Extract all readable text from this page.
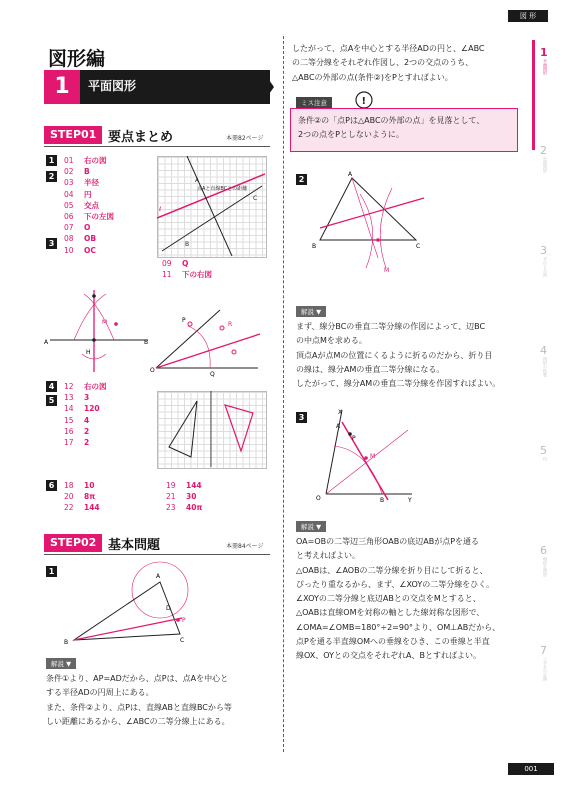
図 形
001
1
平面図形
2
空間図形
3
平行と合同
4
図形の性質
5
円
6
相似な図形
7
三平方の定理
図形編
1	平面図形
STEP01 要点まとめ	本冊82ページ
1
2
3
4
5
6
01 右の図
02 B
03 半径
04 円
05 交点
06 下の左図
07 O
08 OB
10 OC
点Aと直線BCとの距離
A
C
B
ℓ
09 Q
11 下の右図
A	B
M
H
O
Q
P
R
12 右の図
13 3
14 120
15 4
16 2
17 2
18 10
20 8π
22 144
19 144
21 30
23 40π
STEP02 基本問題	本冊84ページ
1
B
A
C
P
D
解説 ▼
条件①より、AP=ADだから、点Pは、点Aを中心と
する半径ADの円周上にある。
また、条件②より、点Pは、直線ABと直線BCから等
しい距離にあるから、∠ABCの二等分線上にある。
したがって、点Aを中心とする半径ADの円と、∠ABC
の二等分線をそれぞれ作図し、2つの交点のうち、
△ABCの外部の点(条件②)をPとすればよい。
ミス注意	!
条件②の「点Pは△ABCの外部の点」を見落として、
2つの点をPとしないように。
2
A
B	C
M
解説 ▼
まず、線分BCの垂直二等分線の作図によって、辺BC
の中点Mを求める。
頂点Aが点Mの位置にくるように折るのだから、折り目
の線は、線分AMの垂直二等分線になる。
したがって、線分AMの垂直二等分線を作図すればよい。
3
X
O	Y
P
M
B
A
解説 ▼
OA=OBの二等辺三角形OABの底辺ABが点Pを通る
と考えればよい。
△OABは、∠AOBの二等分線を折り目にして折ると、
ぴったり重なるから、まず、∠XOYの二等分線をひく。
∠XOYの二等分線と底辺ABとの交点をMとすると、
△OABは直線OMを対称の軸とした線対称な図形で、
∠OMA=∠OMB=180°÷2=90°より、OM⊥ABだから、
点Pを通る半直線OMへの垂線をひき、この垂線と半直
線OX、OYとの交点をそれぞれA、Bとすればよい。
